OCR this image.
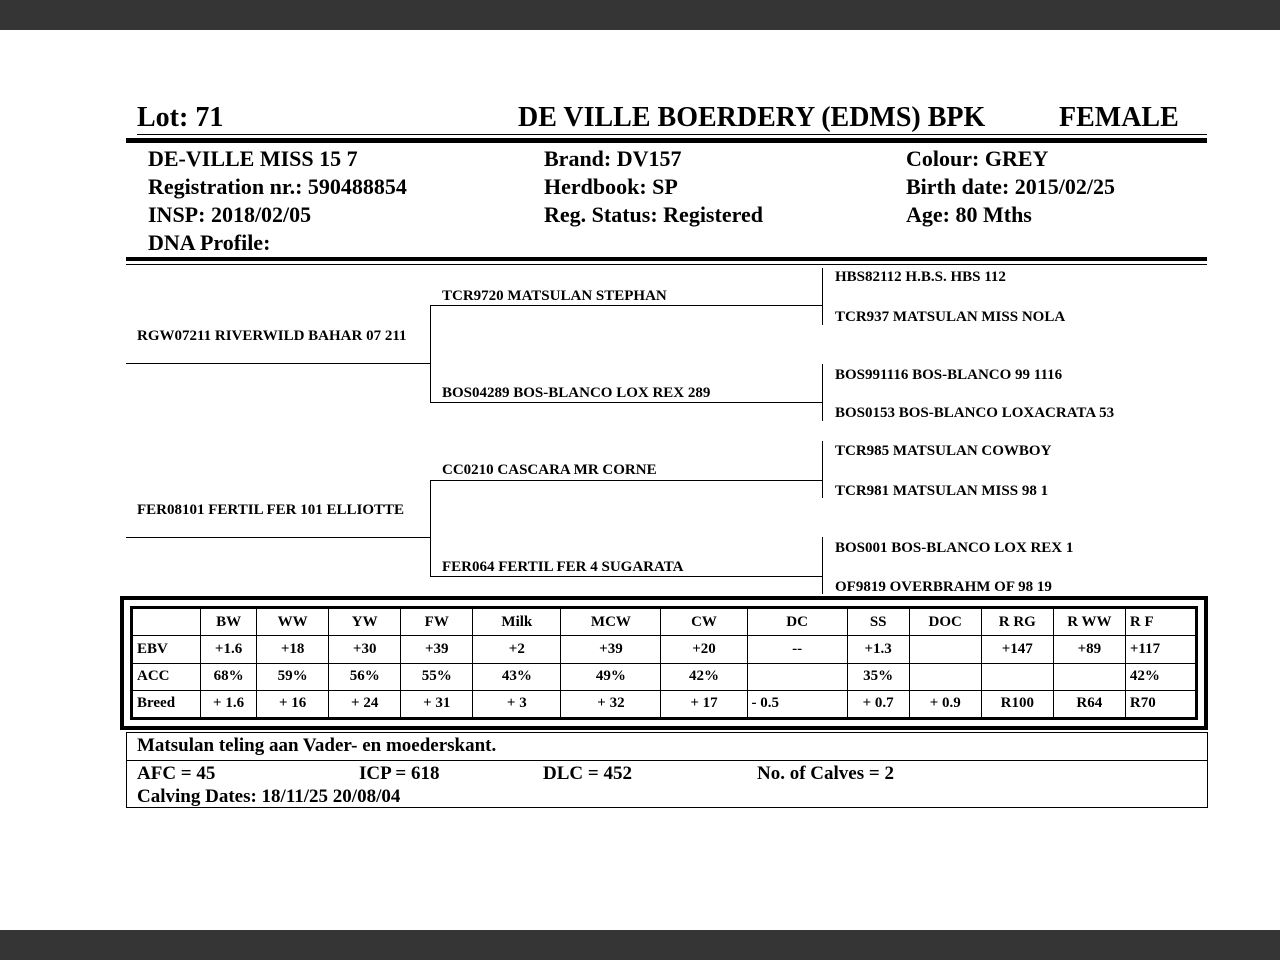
Lot: 71	DE VILLE BOERDERY (EDMS) BPK	FEMALE
DE-VILLE MISS 15 7
Registration nr.: 590488854
INSP: 2018/02/05
DNA Profile:
Brand: DV157
Herdbook: SP
Reg. Status: Registered
Colour: GREY
Birth date: 2015/02/25
Age: 80 Mths
RGW07211 RIVERWILD BAHAR 07 211
FER08101 FERTIL FER 101 ELLIOTTE
TCR9720 MATSULAN STEPHAN
BOS04289 BOS-BLANCO LOX REX 289
CC0210 CASCARA MR CORNE
FER064 FERTIL FER 4 SUGARATA
HBS82112 H.B.S. HBS 112
TCR937 MATSULAN MISS NOLA
BOS991116 BOS-BLANCO 99 1116
BOS0153 BOS-BLANCO LOXACRATA 53
TCR985 MATSULAN COWBOY
TCR981 MATSULAN MISS 98 1
BOS001 BOS-BLANCO LOX REX 1
OF9819 OVERBRAHM OF 98 19
	BW	WW	YW	FW	Milk	MCW	CW	DC	SS	DOC	R RG	R WW	R F
EBV	+1.6	+18	+30	+39	+2	+39	+20	--	+1.3		+147	+89	+117
ACC	68%	59%	56%	55%	43%	49%	42%		35%				42%
Breed	+ 1.6	+ 16	+ 24	+ 31	+ 3	+ 32	+ 17	- 0.5	+ 0.7	+ 0.9	R100	R64	R70
Matsulan teling aan Vader- en moederskant.
AFC = 45	ICP = 618	DLC = 452	No. of Calves = 2
Calving Dates: 18/11/25 20/08/04
